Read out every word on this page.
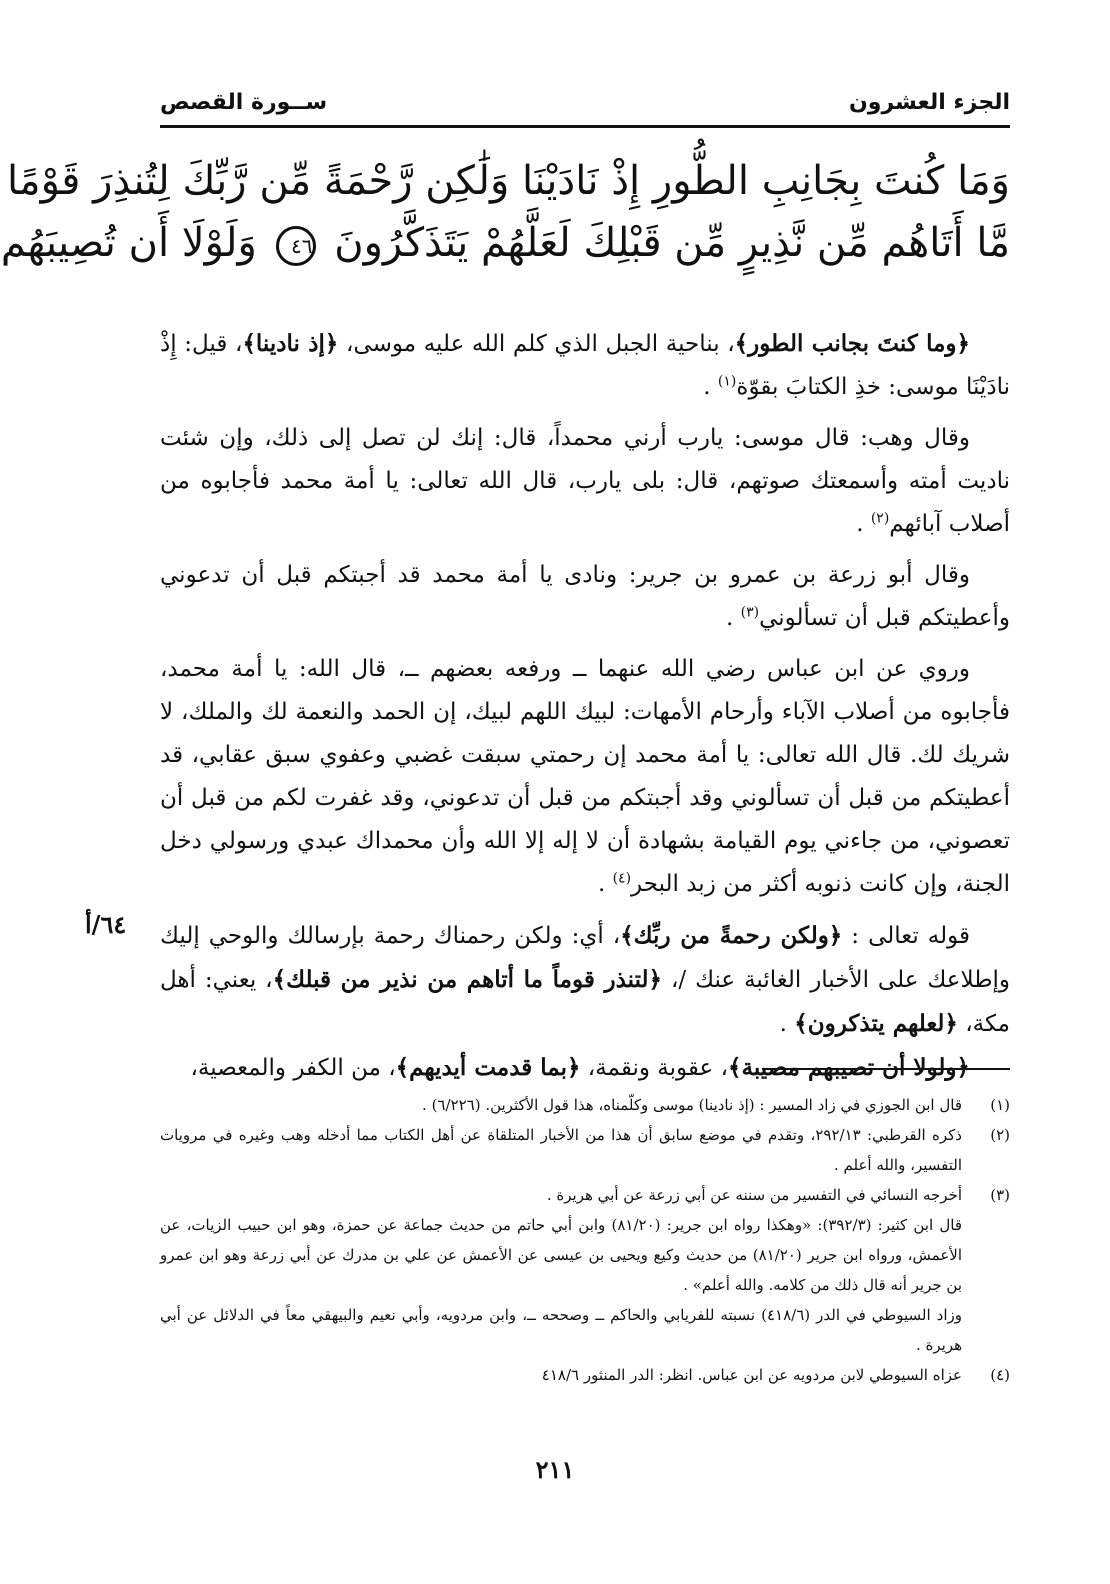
الجزء العشرون
ســورة القصص
وَمَا كُنتَ بِجَانِبِ الطُّورِ إِذْ نَادَيْنَا وَلَٰكِن رَّحْمَةً مِّن رَّبِّكَ لِتُنذِرَ قَوْمًا
مَّا أَتَاهُم مِّن نَّذِيرٍ مِّن قَبْلِكَ لَعَلَّهُمْ يَتَذَكَّرُونَ ٤٦ وَلَوْلَا أَن تُصِيبَهُم

﴿وما كنتَ بجانب الطور﴾، بناحية الجبل الذي كلم الله عليه موسى، ﴿إذ نادينا﴾، قيل: إِذْ نادَيْنَا موسى: خذِ الكتابَ بقوّة$^{(١)}$ .

وقال وهب: قال موسى: يارب أرني محمداً، قال: إنك لن تصل إلى ذلك، وإن شئت ناديت أمته وأسمعتك صوتهم، قال: بلى يارب، قال الله تعالى: يا أمة محمد فأجابوه من أصلاب آبائهم$^{(٢)}$ .

وقال أبو زرعة بن عمرو بن جرير: ونادى يا أمة محمد قد أجبتكم قبل أن تدعوني وأعطيتكم قبل أن تسألوني$^{(٣)}$ .

وروي عن ابن عباس رضي الله عنهما ــ ورفعه بعضهم ــ، قال الله: يا أمة محمد، فأجابوه من أصلاب الآباء وأرحام الأمهات: لبيك اللهم لبيك، إن الحمد والنعمة لك والملك، لا شريك لك. قال الله تعالى: يا أمة محمد إن رحمتي سبقت غضبي وعفوي سبق عقابي، قد أعطيتكم من قبل أن تسألوني وقد أجبتكم من قبل أن تدعوني، وقد غفرت لكم من قبل أن تعصوني، من جاءني يوم القيامة بشهادة أن لا إله إلا الله وأن محمداك عبدي ورسولي دخل الجنة، وإن كانت ذنوبه أكثر من زبد البحر$^{(٤)}$ .

قوله تعالى : ﴿ولكن رحمةً من ربِّك﴾، أي: ولكن رحمناك رحمة بإرسالك والوحي إليك وإطلاعك على الأخبار الغائبة عنك /، ﴿لتنذر قوماً ما أتاهم من نذير من قبلك﴾، يعني: أهل مكة، ﴿لعلهم يتذكرون﴾ .

﴿ولولا أن تصيبهم مصيبة﴾، عقوبة ونقمة، ﴿بما قدمت أيديهم﴾، من الكفر والمعصية،

٦٤/أ
(١)
قال ابن الجوزي في زاد المسير : (إذ نادينا) موسى وكلّمناه، هذا قول الأكثرين. (٦/٢٢٦) .
(٢)
ذكره القرطبي: ٢٩٢/١٣، وتقدم في موضع سابق أن هذا من الأخبار المتلقاة عن أهل الكتاب مما أدخله وهب وغيره في مرويات التفسير، والله أعلم .
(٣)
أخرجه النسائي في التفسير من سننه عن أبي زرعة عن أبي هريرة .
قال ابن كثير: (٣٩٢/٣): «وهكذا رواه ابن جرير: (٨١/٢٠) وابن أبي حاتم من حديث جماعة عن حمزة، وهو ابن حبيب الزيات، عن الأعمش، ورواه ابن جرير (٨١/٢٠) من حديث وكيع ويحيى بن عيسى عن الأعمش عن علي بن مدرك عن أبي زرعة وهو ابن عمرو بن جرير أنه قال ذلك من كلامه. والله أعلم» .
وزاد السيوطي في الدر (٤١٨/٦) نسبته للفريابي والحاكم ــ وصححه ــ، وابن مردويه، وأبي نعيم والبيهقي معاً في الدلائل عن أبي هريرة .
(٤)
عزاه السيوطي لابن مردويه عن ابن عباس. انظر: الدر المنثور ٤١٨/٦
٢١١
